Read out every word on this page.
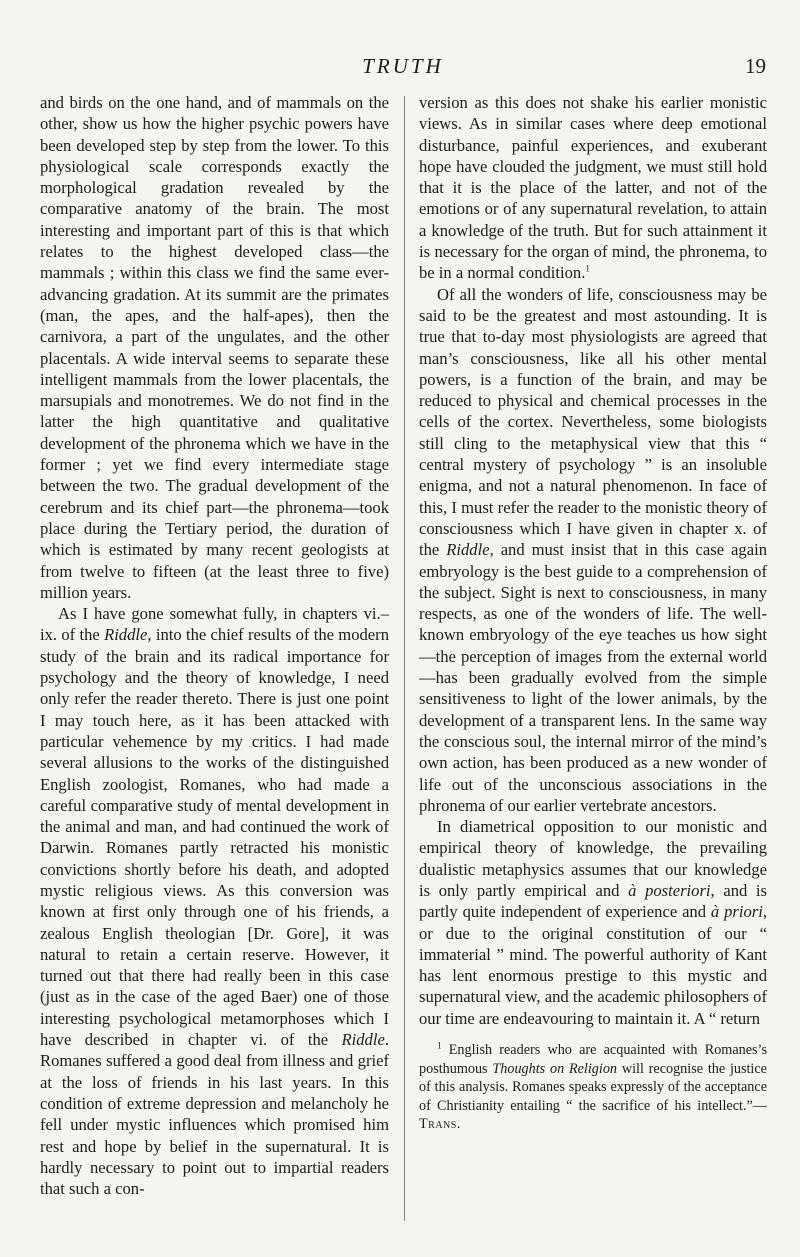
TRUTH	19

and birds on the one hand, and of mammals on the other, show us how the higher psychic powers have been developed step by step from the lower. To this physiological scale corresponds exactly the morphological gradation revealed by the comparative anatomy of the brain. The most interesting and important part of this is that which relates to the highest developed class—the mammals ; within this class we find the same ever-advancing gradation. At its summit are the primates (man, the apes, and the half-apes), then the carnivora, a part of the ungulates, and the other placentals. A wide interval seems to separate these intelligent mammals from the lower placentals, the marsupials and monotremes. We do not find in the latter the high quantitative and qualitative development of the phronema which we have in the former ; yet we find every intermediate stage between the two. The gradual development of the cerebrum and its chief part—the phronema—took place during the Tertiary period, the duration of which is estimated by many recent geologists at from twelve to fifteen (at the least three to five) million years.

As I have gone somewhat fully, in chapters vi.–ix. of the Riddle, into the chief results of the modern study of the brain and its radical importance for psychology and the theory of knowledge, I need only refer the reader thereto. There is just one point I may touch here, as it has been attacked with particular vehemence by my critics. I had made several allusions to the works of the distinguished English zoologist, Romanes, who had made a careful comparative study of mental development in the animal and man, and had continued the work of Darwin. Romanes partly retracted his monistic convictions shortly before his death, and adopted mystic religious views. As this conversion was known at first only through one of his friends, a zealous English theologian [Dr. Gore], it was natural to retain a certain reserve. However, it turned out that there had really been in this case (just as in the case of the aged Baer) one of those interesting psychological metamorphoses which I have described in chapter vi. of the Riddle. Romanes suffered a good deal from illness and grief at the loss of friends in his last years. In this condition of extreme depression and melancholy he fell under mystic influences which promised him rest and hope by belief in the supernatural. It is hardly necessary to point out to impartial readers that such a con-

version as this does not shake his earlier monistic views. As in similar cases where deep emotional disturbance, painful experiences, and exuberant hope have clouded the judgment, we must still hold that it is the place of the latter, and not of the emotions or of any supernatural revelation, to attain a knowledge of the truth. But for such attainment it is necessary for the organ of mind, the phronema, to be in a normal condition.$^1$

Of all the wonders of life, consciousness may be said to be the greatest and most astounding. It is true that to-day most physiologists are agreed that man’s consciousness, like all his other mental powers, is a function of the brain, and may be reduced to physical and chemical processes in the cells of the cortex. Nevertheless, some biologists still cling to the metaphysical view that this “ central mystery of psychology ” is an insoluble enigma, and not a natural phenomenon. In face of this, I must refer the reader to the monistic theory of consciousness which I have given in chapter x. of the Riddle, and must insist that in this case again embryology is the best guide to a comprehension of the subject. Sight is next to consciousness, in many respects, as one of the wonders of life. The well-known embryology of the eye teaches us how sight—the perception of images from the external world—has been gradually evolved from the simple sensitiveness to light of the lower animals, by the development of a transparent lens. In the same way the conscious soul, the internal mirror of the mind’s own action, has been produced as a new wonder of life out of the unconscious associations in the phronema of our earlier vertebrate ancestors.

In diametrical opposition to our monistic and empirical theory of knowledge, the prevailing dualistic metaphysics assumes that our knowledge is only partly empirical and à posteriori, and is partly quite independent of experience and à priori, or due to the original constitution of our “ immaterial ” mind. The powerful authority of Kant has lent enormous prestige to this mystic and supernatural view, and the academic philosophers of our time are endeavouring to maintain it. A “ return

$^1$ English readers who are acquainted with Romanes’s posthumous Thoughts on Religion will recognise the justice of this analysis. Romanes speaks expressly of the acceptance of Christianity entailing “ the sacrifice of his intellect.”—Trans.
